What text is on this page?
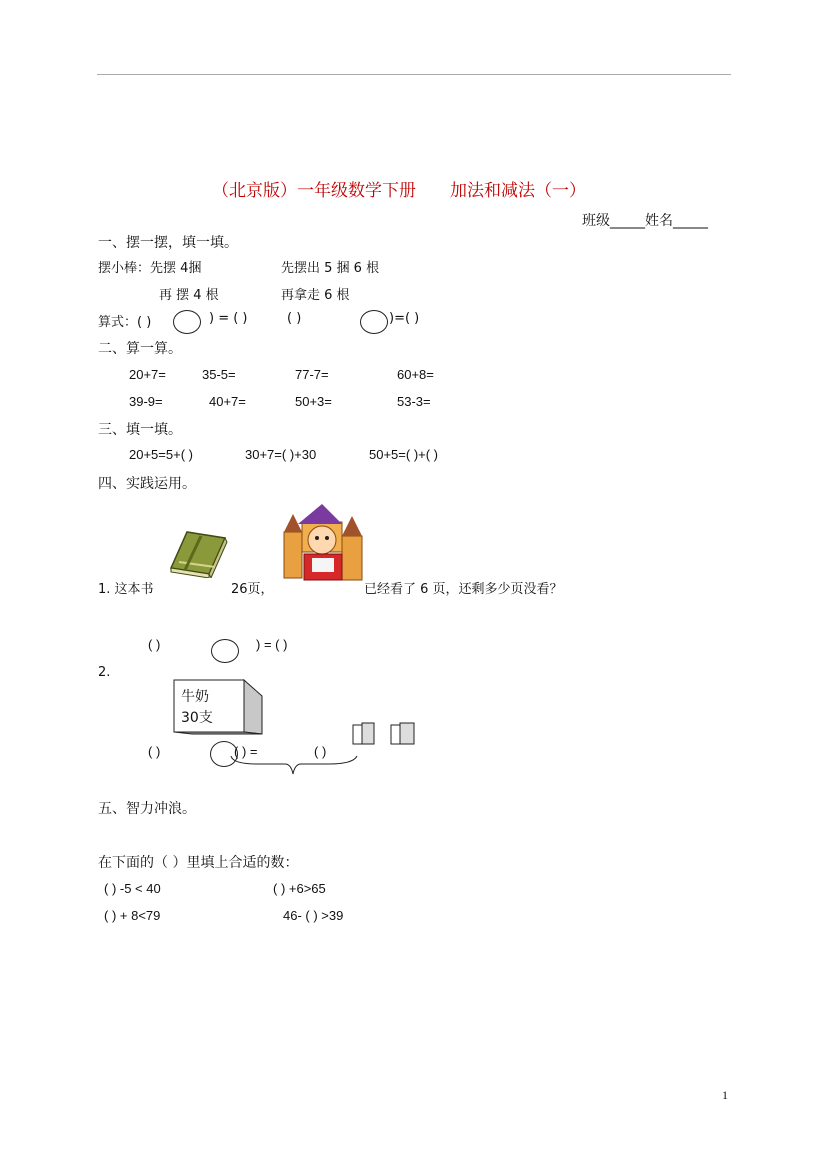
（北京版）一年级数学下册　　加法和减法（一）
班级_____姓名_____
一、摆一摆，填一填。
摆小棒：先摆 4捆	先摆出 5 捆 6 根
再 摆 4 根	再拿走 6 根
算式：( )	) = ( )	( )	)=( )
二、算一算。
20+7=	35-5=	77-7=	60+8=
39-9=	40+7=	50+3=	53-3=
三、填一填。
20+5=5+( )	30+7=( )+30	50+5=( )+( )
四、实践运用。
1. 这本书	26页，	已经看了 6 页，还剩多少页没看？
( )	) = ( )
2.
牛奶
30支
( )	( ) =	( )
五、智力冲浪。
在下面的（ ）里填上合适的数：
( ) -5 < 40	( ) +6>65
( ) + 8<79	46- ( ) >39
1
